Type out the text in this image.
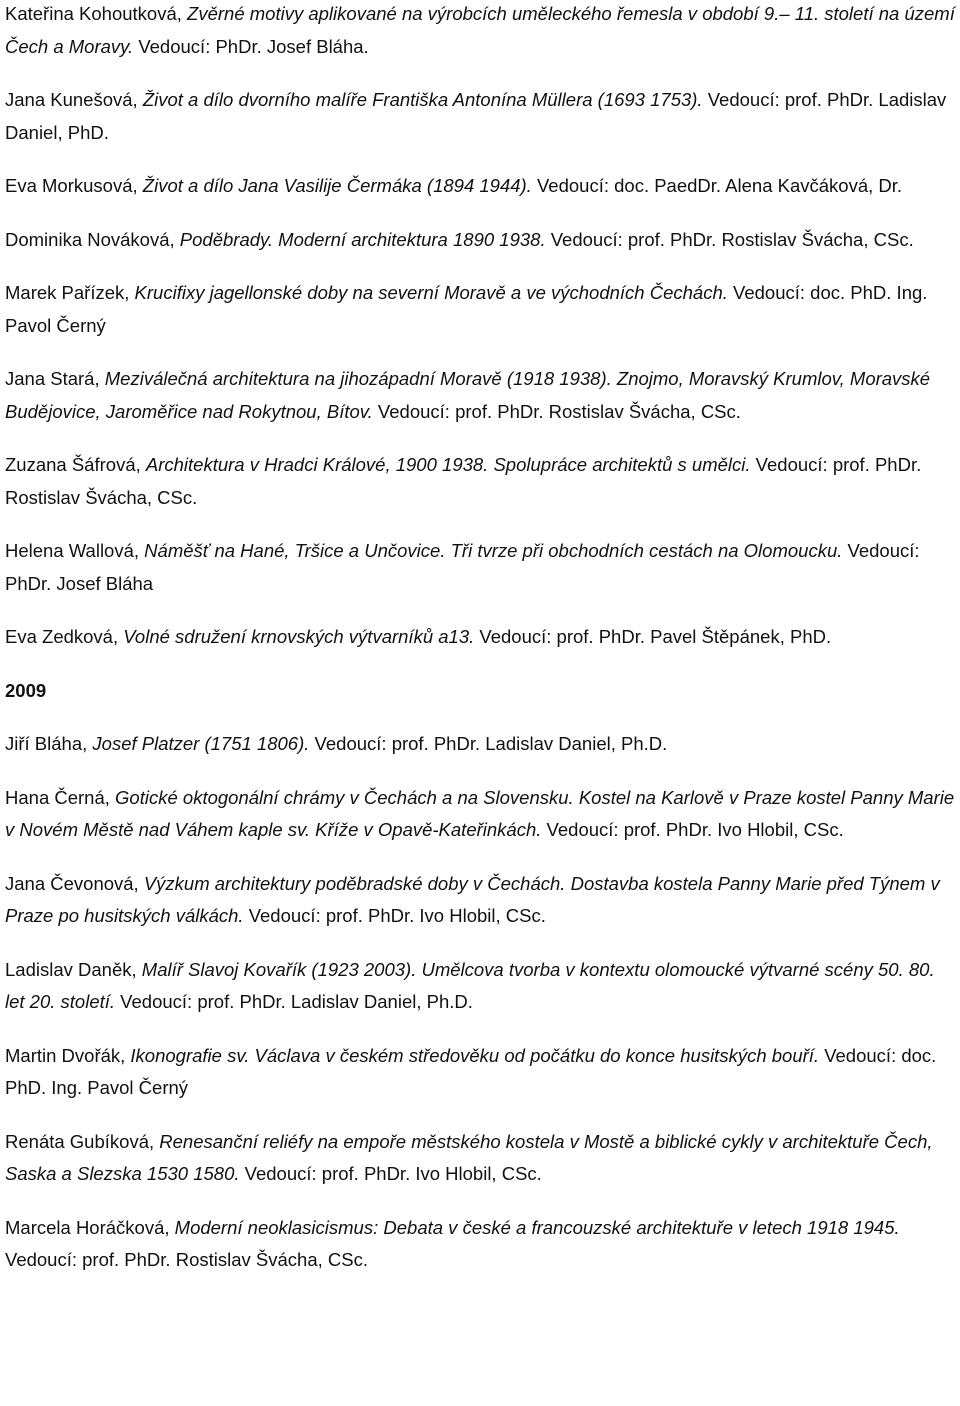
Kateřina Kohoutková, Zvěrné motivy aplikované na výrobcích uměleckého řemesla v období 9.– 11. století na území Čech a Moravy. Vedoucí: PhDr. Josef Bláha.

Jana Kunešová, Život a dílo dvorního malíře Františka Antonína Müllera (1693 1753). Vedoucí: prof. PhDr. Ladislav Daniel, PhD.

Eva Morkusová, Život a dílo Jana Vasilije Čermáka (1894 1944). Vedoucí: doc. PaedDr. Alena Kavčáková, Dr.

Dominika Nováková, Poděbrady. Moderní architektura 1890 1938. Vedoucí: prof. PhDr. Rostislav Švácha, CSc.

Marek Pařízek, Krucifixy jagellonské doby na severní Moravě a ve východních Čechách. Vedoucí: doc. PhD. Ing. Pavol Černý

Jana Stará, Meziválečná architektura na jihozápadní Moravě (1918 1938). Znojmo, Moravský Krumlov, Moravské Budějovice, Jaroměřice nad Rokytnou, Bítov. Vedoucí: prof. PhDr. Rostislav Švácha, CSc.

Zuzana Šáfrová, Architektura v Hradci Králové, 1900 1938. Spolupráce architektů s umělci. Vedoucí: prof. PhDr. Rostislav Švácha, CSc.

Helena Wallová, Náměšť na Hané, Tršice a Unčovice. Tři tvrze při obchodních cestách na Olomoucku. Vedoucí: PhDr. Josef Bláha

Eva Zedková, Volné sdružení krnovských výtvarníků a13. Vedoucí: prof. PhDr. Pavel Štěpánek, PhD.

2009

Jiří Bláha, Josef Platzer (1751 1806). Vedoucí: prof. PhDr. Ladislav Daniel, Ph.D.

Hana Černá, Gotické oktogonální chrámy v Čechách a na Slovensku. Kostel na Karlově v Praze kostel Panny Marie v Novém Městě nad Váhem kaple sv. Kříže v Opavě-Kateřinkách. Vedoucí: prof. PhDr. Ivo Hlobil, CSc.

Jana Čevonová, Výzkum architektury poděbradské doby v Čechách. Dostavba kostela Panny Marie před Týnem v Praze po husitských válkách. Vedoucí: prof. PhDr. Ivo Hlobil, CSc.

Ladislav Daněk, Malíř Slavoj Kovařík (1923 2003). Umělcova tvorba v kontextu olomoucké výtvarné scény 50. 80. let 20. století. Vedoucí: prof. PhDr. Ladislav Daniel, Ph.D.

Martin Dvořák, Ikonografie sv. Václava v českém středověku od počátku do konce husitských bouří. Vedoucí: doc. PhD. Ing. Pavol Černý

Renáta Gubíková, Renesanční reliéfy na empoře městského kostela v Mostě a biblické cykly v architektuře Čech, Saska a Slezska 1530 1580. Vedoucí: prof. PhDr. Ivo Hlobil, CSc.

Marcela Horáčková, Moderní neoklasicismus: Debata v české a francouzské architektuře v letech 1918 1945. Vedoucí: prof. PhDr. Rostislav Švácha, CSc.
